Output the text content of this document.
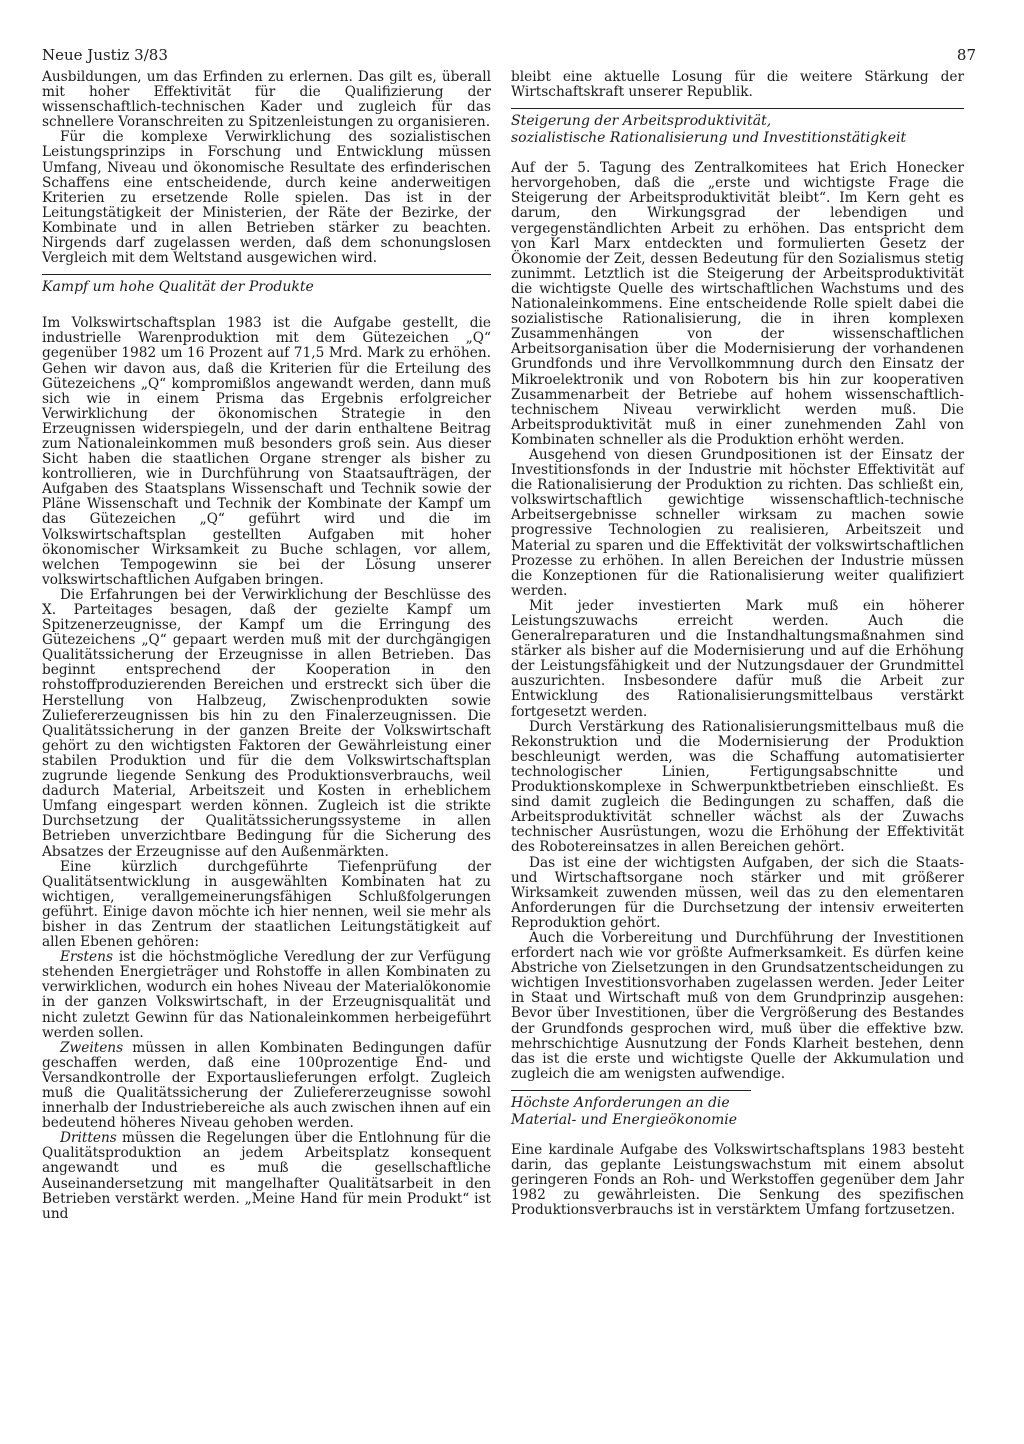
Neue Justiz 3/83	87

Ausbildungen, um das Erfinden zu erlernen. Das gilt es, überall mit hoher Effektivität für die Qualifizierung der wissenschaftlich-technischen Kader und zugleich für das schnellere Voranschreiten zu Spitzenleistungen zu organisieren.

Für die komplexe Verwirklichung des sozialistischen Leistungsprinzips in Forschung und Entwicklung müssen Umfang, Niveau und ökonomische Resultate des erfinderischen Schaffens eine entscheidende, durch keine anderweitigen Kriterien zu ersetzende Rolle spielen. Das ist in der Leitungstätigkeit der Ministerien, der Räte der Bezirke, der Kombinate und in allen Betrieben stärker zu beachten. Nirgends darf zugelassen werden, daß dem schonungslosen Vergleich mit dem Weltstand ausgewichen wird.

Kampf um hohe Qualität der Produkte

Im Volkswirtschaftsplan 1983 ist die Aufgabe gestellt, die industrielle Warenproduktion mit dem Gütezeichen „Q“ gegenüber 1982 um 16 Prozent auf 71,5 Mrd. Mark zu erhöhen. Gehen wir davon aus, daß die Kriterien für die Erteilung des Gütezeichens „Q“ kompromißlos angewandt werden, dann muß sich wie in einem Prisma das Ergebnis erfolgreicher Verwirklichung der ökonomischen Strategie in den Erzeugnissen widerspiegeln, und der darin enthaltene Beitrag zum Nationaleinkommen muß besonders groß sein. Aus dieser Sicht haben die staatlichen Organe strenger als bisher zu kontrollieren, wie in Durchführung von Staatsaufträgen, der Aufgaben des Staatsplans Wissenschaft und Technik sowie der Pläne Wissenschaft und Technik der Kombinate der Kampf um das Gütezeichen „Q“ geführt wird und die im Volkswirtschaftsplan gestellten Aufgaben mit hoher ökonomischer Wirksamkeit zu Buche schlagen, vor allem, welchen Tempogewinn sie bei der Lösung unserer volkswirtschaftlichen Aufgaben bringen.

Die Erfahrungen bei der Verwirklichung der Beschlüsse des X. Parteitages besagen, daß der gezielte Kampf um Spitzenerzeugnisse, der Kampf um die Erringung des Gütezeichens „Q“ gepaart werden muß mit der durchgängigen Qualitätssicherung der Erzeugnisse in allen Betrieben. Das beginnt entsprechend der Kooperation in den rohstoffproduzierenden Bereichen und erstreckt sich über die Herstellung von Halbzeug, Zwischenprodukten sowie Zuliefererzeugnissen bis hin zu den Finalerzeugnissen. Die Qualitätssicherung in der ganzen Breite der Volkswirtschaft gehört zu den wichtigsten Faktoren der Gewährleistung einer stabilen Produktion und für die dem Volkswirtschaftsplan zugrunde liegende Senkung des Produktionsverbrauchs, weil dadurch Material, Arbeitszeit und Kosten in erheblichem Umfang eingespart werden können. Zugleich ist die strikte Durchsetzung der Qualitätssicherungssysteme in allen Betrieben unverzichtbare Bedingung für die Sicherung des Absatzes der Erzeugnisse auf den Außenmärkten.

Eine kürzlich durchgeführte Tiefenprüfung der Qualitätsentwicklung in ausgewählten Kombinaten hat zu wichtigen, verallgemeinerungsfähigen Schlußfolgerungen geführt. Einige davon möchte ich hier nennen, weil sie mehr als bisher in das Zentrum der staatlichen Leitungstätigkeit auf allen Ebenen gehören:

Erstens ist die höchstmögliche Veredlung der zur Verfügung stehenden Energieträger und Rohstoffe in allen Kombinaten zu verwirklichen, wodurch ein hohes Niveau der Materialökonomie in der ganzen Volkswirtschaft, in der Erzeugnisqualität und nicht zuletzt Gewinn für das Nationaleinkommen herbeigeführt werden sollen.

Zweitens müssen in allen Kombinaten Bedingungen dafür geschaffen werden, daß eine 100prozentige End- und Versandkontrolle der Exportauslieferungen erfolgt. Zugleich muß die Qualitätssicherung der Zuliefererzeugnisse sowohl innerhalb der Industriebereiche als auch zwischen ihnen auf ein bedeutend höheres Niveau gehoben werden.

Drittens müssen die Regelungen über die Entlohnung für die Qualitätsproduktion an jedem Arbeitsplatz konsequent angewandt und es muß die gesellschaftliche Auseinandersetzung mit mangelhafter Qualitätsarbeit in den Betrieben verstärkt werden. „Meine Hand für mein Produkt“ ist und

bleibt eine aktuelle Losung für die weitere Stärkung der Wirtschaftskraft unserer Republik.

Steigerung der Arbeitsproduktivität,
sozialistische Rationalisierung und Investitionstätigkeit

Auf der 5. Tagung des Zentralkomitees hat Erich Honecker hervorgehoben, daß die „erste und wichtigste Frage die Steigerung der Arbeitsproduktivität bleibt“. Im Kern geht es darum, den Wirkungsgrad der lebendigen und vergegenständlichten Arbeit zu erhöhen. Das entspricht dem von Karl Marx entdeckten und formulierten Gesetz der Ökonomie der Zeit, dessen Bedeutung für den Sozialismus stetig zunimmt. Letztlich ist die Steigerung der Arbeitsproduktivität die wichtigste Quelle des wirtschaftlichen Wachstums und des Nationaleinkommens. Eine entscheidende Rolle spielt dabei die sozialistische Rationalisierung, die in ihren komplexen Zusammenhängen von der wissenschaftlichen Arbeitsorganisation über die Modernisierung der vorhandenen Grundfonds und ihre Vervollkommnung durch den Einsatz der Mikroelektronik und von Robotern bis hin zur kooperativen Zusammenarbeit der Betriebe auf hohem wissenschaftlich-technischem Niveau verwirklicht werden muß. Die Arbeitsproduktivität muß in einer zunehmenden Zahl von Kombinaten schneller als die Produktion erhöht werden.

Ausgehend von diesen Grundpositionen ist der Einsatz der Investitionsfonds in der Industrie mit höchster Effektivität auf die Rationalisierung der Produktion zu richten. Das schließt ein, volkswirtschaftlich gewichtige wissenschaftlich-technische Arbeitsergebnisse schneller wirksam zu machen sowie progressive Technologien zu realisieren, Arbeitszeit und Material zu sparen und die Effektivität der volkswirtschaftlichen Prozesse zu erhöhen. In allen Bereichen der Industrie müssen die Konzeptionen für die Rationalisierung weiter qualifiziert werden.

Mit jeder investierten Mark muß ein höherer Leistungszuwachs erreicht werden. Auch die Generalreparaturen und die Instandhaltungsmaßnahmen sind stärker als bisher auf die Modernisierung und auf die Erhöhung der Leistungsfähigkeit und der Nutzungsdauer der Grundmittel auszurichten. Insbesondere dafür muß die Arbeit zur Entwicklung des Rationalisierungsmittelbaus verstärkt fortgesetzt werden.

Durch Verstärkung des Rationalisierungsmittelbaus muß die Rekonstruktion und die Modernisierung der Produktion beschleunigt werden, was die Schaffung automatisierter technologischer Linien, Fertigungsabschnitte und Produktionskomplexe in Schwerpunktbetrieben einschließt. Es sind damit zugleich die Bedingungen zu schaffen, daß die Arbeitsproduktivität schneller wächst als der Zuwachs technischer Ausrüstungen, wozu die Erhöhung der Effektivität des Robotereinsatzes in allen Bereichen gehört.

Das ist eine der wichtigsten Aufgaben, der sich die Staats- und Wirtschaftsorgane noch stärker und mit größerer Wirksamkeit zuwenden müssen, weil das zu den elementaren Anforderungen für die Durchsetzung der intensiv erweiterten Reproduktion gehört.

Auch die Vorbereitung und Durchführung der Investitionen erfordert nach wie vor größte Aufmerksamkeit. Es dürfen keine Abstriche von Zielsetzungen in den Grundsatzentscheidungen zu wichtigen Investitionsvorhaben zugelassen werden. Jeder Leiter in Staat und Wirtschaft muß von dem Grundprinzip ausgehen: Bevor über Investitionen, über die Vergrößerung des Bestandes der Grundfonds gesprochen wird, muß über die effektive bzw. mehrschichtige Ausnutzung der Fonds Klarheit bestehen, denn das ist die erste und wichtigste Quelle der Akkumulation und zugleich die am wenigsten aufwendige.

Höchste Anforderungen an die
Material- und Energieökonomie

Eine kardinale Aufgabe des Volkswirtschaftsplans 1983 besteht darin, das geplante Leistungswachstum mit einem absolut geringeren Fonds an Roh- und Werkstoffen gegenüber dem Jahr 1982 zu gewährleisten. Die Senkung des spezifischen Produktionsverbrauchs ist in verstärktem Umfang fortzusetzen.
